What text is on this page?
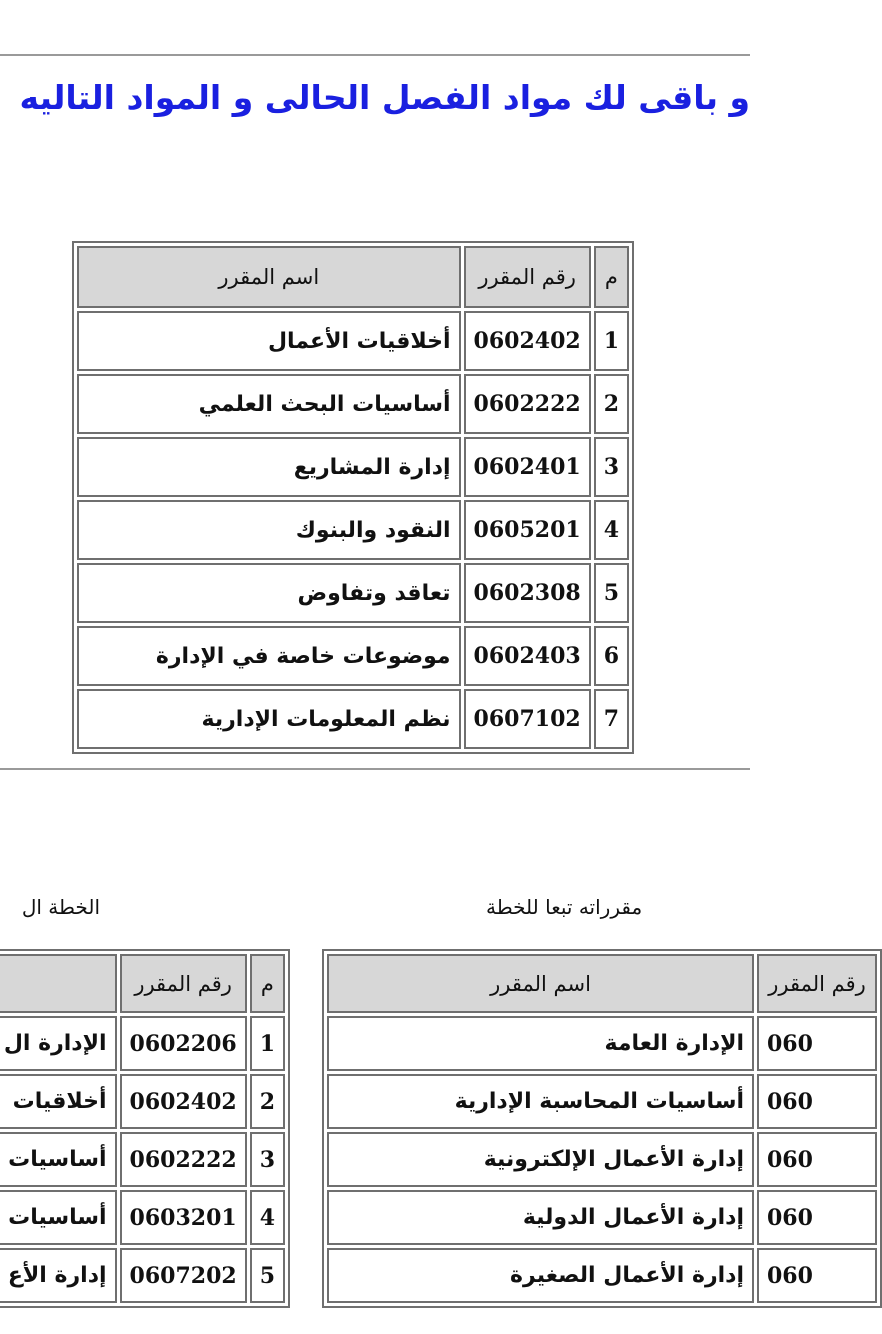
و باقى لك مواد الفصل الحالى و المواد التاليه
م	رقم المقرر	اسم المقرر
1	0602402	أخلاقيات الأعمال
2	0602222	أساسيات البحث العلمي
3	0602401	إدارة المشاريع
4	0605201	النقود والبنوك
5	0602308	تعاقد وتفاوض
6	0602403	موضوعات خاصة في الإدارة
7	0607102	نظم المعلومات الإدارية
مقرراته تبعا للخطة
الخطة ال
رقم المقرر	اسم المقرر
060	الإدارة العامة
060	أساسيات المحاسبة الإدارية
060	إدارة الأعمال الإلكترونية
060	إدارة الأعمال الدولية
060	إدارة الأعمال الصغيرة
م	رقم المقرر	
1	0602206	الإدارة ال
2	0602402	أخلاقيات
3	0602222	أساسيات
4	0603201	أساسيات
5	0607202	إدارة الأع
